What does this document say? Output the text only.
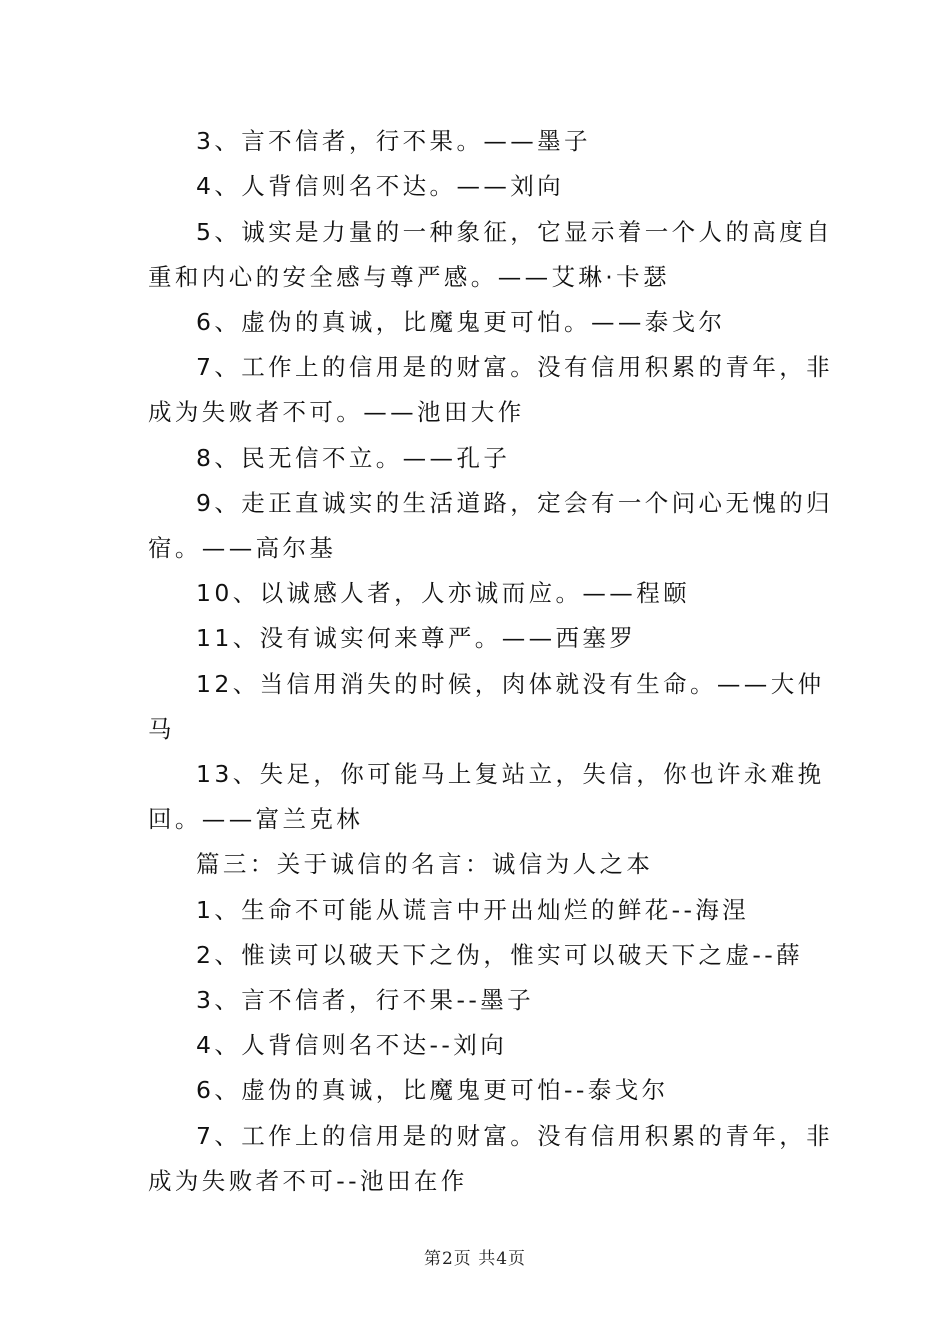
3、言不信者，行不果。——墨子
4、人背信则名不达。——刘向
5、诚实是力量的一种象征，它显示着一个人的高度自
重和内心的安全感与尊严感。——艾琳·卡瑟
6、虚伪的真诚，比魔鬼更可怕。——泰戈尔
7、工作上的信用是的财富。没有信用积累的青年，非
成为失败者不可。——池田大作
8、民无信不立。——孔子
9、走正直诚实的生活道路，定会有一个问心无愧的归
宿。——高尔基
10、以诚感人者，人亦诚而应。——程颐
11、没有诚实何来尊严。——西塞罗
12、当信用消失的时候，肉体就没有生命。——大仲
马
13、失足，你可能马上复站立，失信，你也许永难挽
回。——富兰克林
篇三：关于诚信的名言：诚信为人之本
1、生命不可能从谎言中开出灿烂的鲜花--海涅
2、惟读可以破天下之伪，惟实可以破天下之虚--薛
3、言不信者，行不果--墨子
4、人背信则名不达--刘向
6、虚伪的真诚，比魔鬼更可怕--泰戈尔
7、工作上的信用是的财富。没有信用积累的青年，非
成为失败者不可--池田在作
第2页 共4页
